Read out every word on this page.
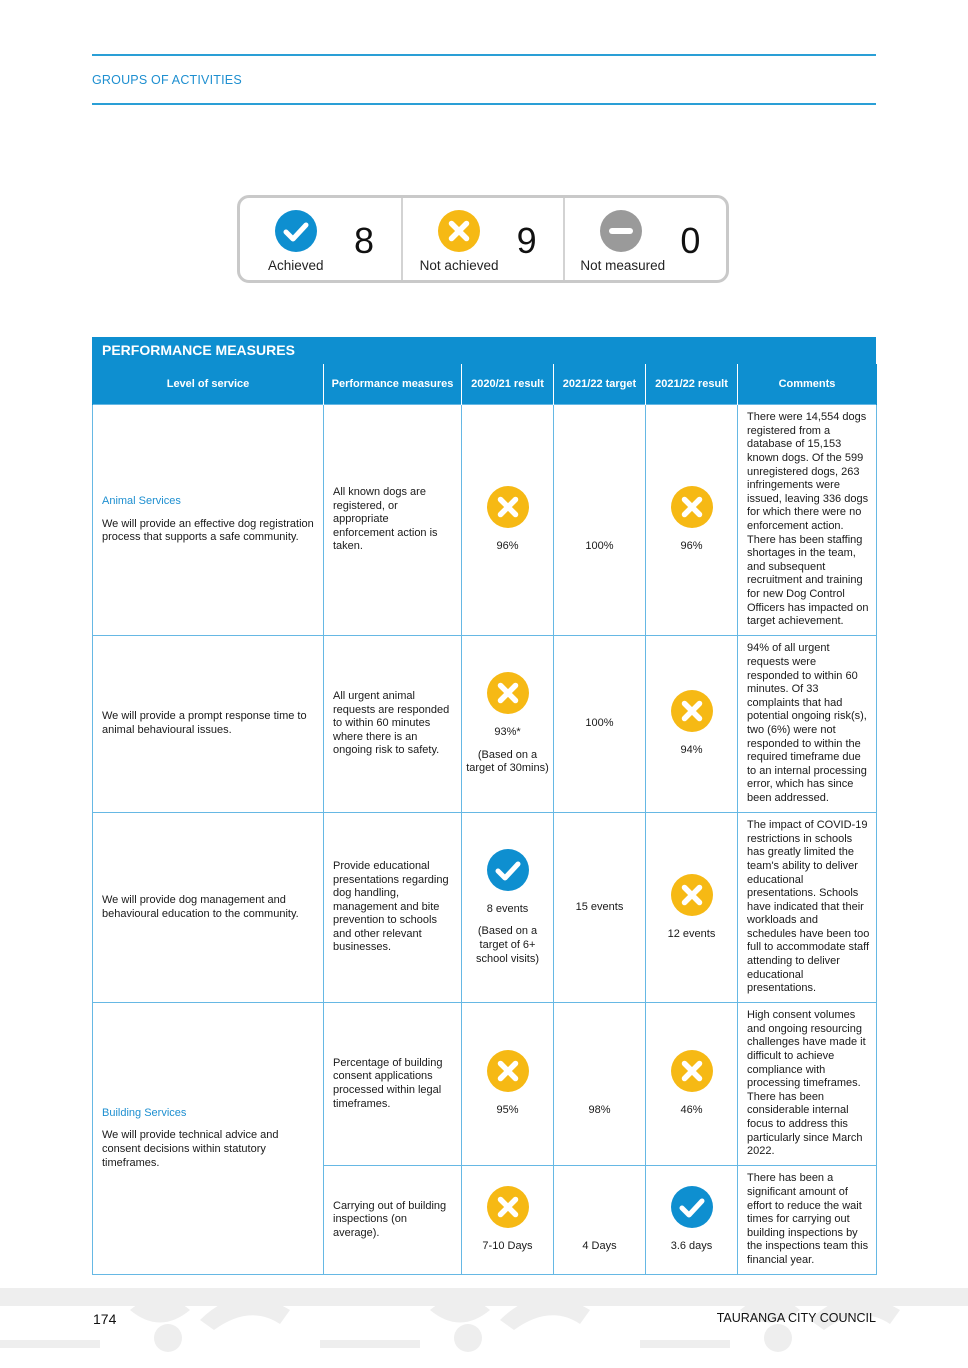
GROUPS OF ACTIVITIES
Achieved
8
Not achieved
9
Not measured
0
PERFORMANCE MEASURES
Level of service	Performance measures	2020/21 result	2021/22 target	2021/22 result	Comments

Animal Services
We will provide an effective dog registration process that supports a safe community.	All known dogs are registered, or appropriate enforcement action is taken.	96%	100%	96%	There were 14,554 dogs registered from a database of 15,153 known dogs. Of the 599 unregistered dogs, 263 infringements were issued, leaving 336 dogs for which there were no enforcement action. There has been staffing shortages in the team, and subsequent recruitment and training for new Dog Control Officers has impacted on target achievement.
We will provide a prompt response time to animal behavioural issues.	All urgent animal requests are responded to within 60 minutes where there is an ongoing risk to safety.	93%*
(Based on a target of 30mins)	100%	94%	94% of all urgent requests were responded to within 60 minutes. Of 33 complaints that had potential ongoing risk(s), two (6%) were not responded to within the required timeframe due to an internal processing error, which has since been addressed.
We will provide dog management and behavioural education to the community.	Provide educational presentations regarding dog handling, management and bite prevention to schools and other relevant businesses.	8 events
(Based on a target of 6+ school visits)	15 events	12 events	The impact of COVID-19 restrictions in schools has greatly limited the team's ability to deliver educational presentations. Schools have indicated that their workloads and schedules have been too full to accommodate staff attending to deliver educational presentations.

Building Services
We will provide technical advice and consent decisions within statutory timeframes.	Percentage of building consent applications processed within legal timeframes.	95%	98%	46%	High consent volumes and ongoing resourcing challenges have made it difficult to achieve compliance with processing timeframes. There has been considerable internal focus to address this particularly since March 2022.
	Carrying out of building inspections (on average).	7-10 Days	4 Days	3.6 days	There has been a significant amount of effort to reduce the wait times for carrying out building inspections by the inspections team this financial year.
174	TAURANGA CITY COUNCIL
